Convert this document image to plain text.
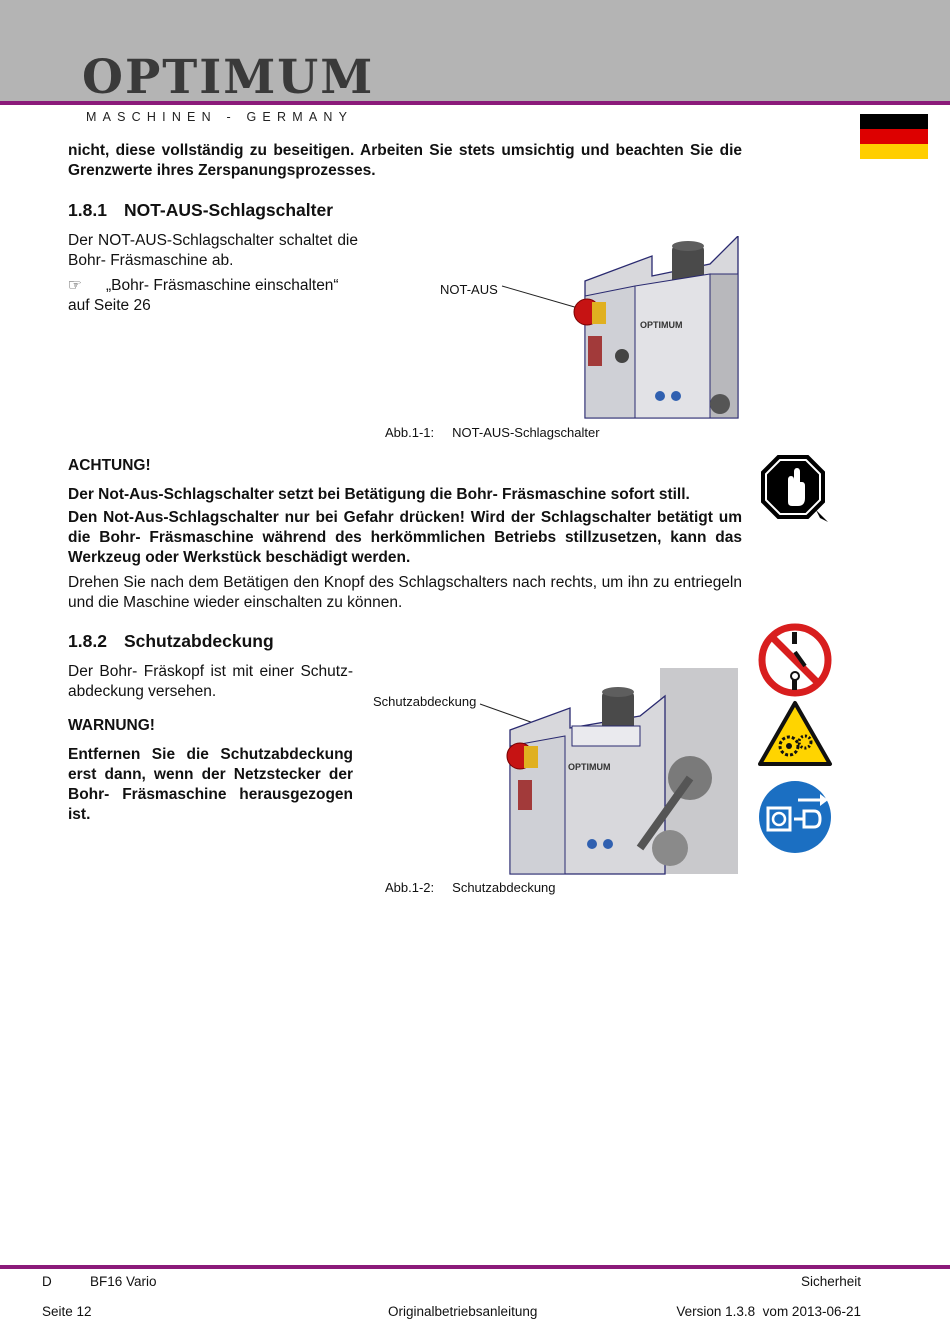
OPTIMUM
MASCHINEN - GERMANY
nicht, diese vollständig zu beseitigen. Arbeiten Sie stets umsichtig und beachten Sie die Grenzwerte ihres Zerspanungsprozesses.
1.8.1 NOT-AUS-Schlagschalter
Der NOT-AUS-Schlagschalter schaltet die Bohr- Fräsmaschine ab.
☞ „Bohr- Fräsmaschine einschalten“ auf Seite 26
NOT-AUS
OPTIMUM
Abb.1-1: NOT-AUS-Schlagschalter
ACHTUNG!
Der Not-Aus-Schlagschalter setzt bei Betätigung die Bohr- Fräsmaschine sofort still.
Den Not-Aus-Schlagschalter nur bei Gefahr drücken! Wird der Schlagschalter betätigt um die Bohr- Fräsmaschine während des herkömmlichen Betriebs stillzusetzen, kann das Werkzeug oder Werkstück beschädigt werden.
Drehen Sie nach dem Betätigen den Knopf des Schlagschalters nach rechts, um ihn zu entriegeln und die Maschine wieder einschalten zu können.
1.8.2 Schutzabdeckung
Der Bohr- Fräskopf ist mit einer Schutz-abdeckung versehen.
WARNUNG!
Entfernen Sie die Schutzabdeckung erst dann, wenn der Netzstecker der Bohr- Fräsmaschine herausgezogen ist.
Schutzabdeckung
OPTIMUM
Abb.1-2: Schutzabdeckung
D	BF16 Vario	Sicherheit
Seite 12	Originalbetriebsanleitung	Version 1.3.8  vom 2013-06-21
